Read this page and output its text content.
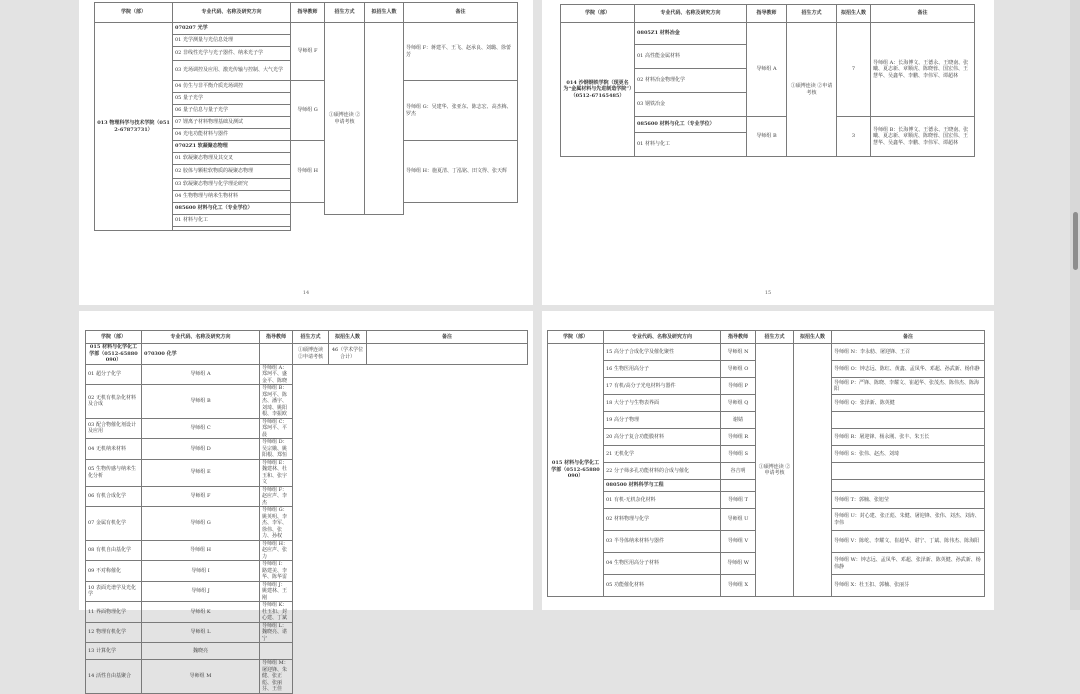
学院（部）	专业代码、名称及研究方向	指导教师	招生方式	拟招生人数	备注
013 物理科学与技术学院（0512-67873731）	070207 光学	导师组 F	①硕博连读 ②申请考核		导师组 F：蒋建平、王飞、赵承良、刘璐、徐蕾芳
	01 光学测量与光信息处理				
	02 非线性光学与光子器件、纳米光子学				
	03 光场调控及应用、激光传输与控制、大气光学				
	04 仿生与非平衡介质光场调控	导师组 G			导师组 G：吴建华、张亚东、陈志宏、高杰梅、罗杰
	05 量子光学				
	06 量子信息与量子光学				
	07 锂离子材料物理基础及测试				
	04 光电功能材料与器件				
	0702Z1 软凝聚态物理	导师组 H			导师组 H：施夏清、丁泓铭、田文得、张天辉
	01 软凝聚态物理及其交叉				
	02 胶体与颗粒软物质的凝聚态物理				
	03 软凝聚态物理与化学理论研究				
	04 生物物理与纳米生物材料				
	085600 材料与化工（专业学位）				
	01 材料与化工				

14
学院（部）	专业代码、名称及研究方向	指导教师	招生方式	拟招生人数	备注
014 沙钢钢铁学院（现更名为“金属材料与先进制造学院”）（0512-67165485）	0805Z1 材料冶金	导师组 A	①硕博连读 ②申请考核	7	导师组 A：长海博文、王德永、王晓南、张曦、夏志新、章顺虎、陈晓蓉、国宏伟、王慧华、吴鑫华、李鹏、李伟军、谭超林
	01 高性能金属材料				
	02 材料冶金物理化学				
	03 钢铁冶金				
	085600 材料与化工（专业学位）	导师组 B		3	导师组 B：长海博文、王德永、王晓南、张曦、夏志新、章顺虎、陈晓蓉、国宏伟、王慧华、吴鑫华、李鹏、李伟军、谭超林
	01 材料与化工				
15
学院（部）	专业代码、名称及研究方向	指导教师	招生方式	拟招生人数	备注
015 材料与化学化工学部（0512-65880090）	070300 化学		①硕博连读 ②申请考核	46（学术学位合计）	
01 超分子化学	导师组 A	导师组 A：郑珂平、盛金平、陈晓			
02 无机有机杂化材料及合成	导师组 B	导师组 B：郑珂平、陈杰、潘宇、刘琦、姚阳根、李振欧			
03 配合物催化剂设计及应用	导师组 C	导师组 C：郑珂平、平晨			
04 无机纳米材料	导师组 D	导师组 D：吴宗娥、姚阳根、郑恒			
05 生物传感与纳米生化分析	导师组 E	导师组 E：魏建林、杜玉和、张宇文			
06 有机合成化学	导师组 F	导师组 F：赵应声、李杰			
07 金属有机化学	导师组 G	导师组 G：姚英明、李杰、李军、徐伟、张力、孙权			
08 有机自由基化学	导师组 H	导师组 H：赵应声、张力			
09 不对称催化	导师组 I	导师组 I：路建美、李华、陈华雷			
10 表面光谱学及光化学	导师组 J	导师组 J：姚建林、王刚			
11 界面物理化学	导师组 K	导师组 K：杜玉扣、封心建、丁斌			
12 物理有机化学	导师组 L	导师组 L：魏晓亮、谌宁			
13 计算化学	魏晓亮				
14 活性自由基聚合	导师组 M	导师组 M：屠迎锋、朱健、张正彪、张丽芬、王佳			
学院（部）	专业代码、名称及研究方向	指导教师	招生方式	拟招生人数	备注
015 材料与化学化工学部（0512-65880090）	15 高分子合成化学及催化聚性	导师组 N	①硕博连读 ②申请考核		导师组 N：李永舫、屠迎锋、王召
	16 生物医用高分子	导师组 O			导师组 O：钟志远、陈红、黄鑫、孟凤华、邓超、孙武新、杨伟静
	17 有机/高分子光电材料与器件	导师组 P			导师组 P：严锋、陈晓、李耀文、崔超华、张茂杰、陈伟杰、陈海阳
	18 大分子与生物表界面	导师组 Q			导师组 Q：张泽新、陈英健
	19 高分子物理	谢婧			
	20 高分子复合功能膜材料	导师组 R			导师组 R：屠迎锋、杨永刚、张丰、朱玉长
	21 无机化学	导师组 S			导师组 S：张伟、赵杰、刘琦
	22 分子筛多孔功能材料的合成与催化	谷吉明			
	080500 材料科学与工程				
	01 有机-无机杂化材料	导师组 T			导师组 T：郭楠、张旭莹
	02 材料物理与化学	导师组 U			导师组 U：封心建、张正彪、朱健、屠迎锋、张伟、刘杰、刘涛、李伟
	03 半导体纳米材料与器件	导师组 V			导师组 V：陈屹、李耀文、崔超华、谌宁、丁斌、陈伟杰、陈海阳
	04 生物医用高分子材料	导师组 W			导师组 W：钟志远、孟凤华、邓超、张泽新、陈英健、孙武新、杨伟静
	05 功能催化材料	导师组 X			导师组 X：杜玉扣、郭楠、张丽芬
